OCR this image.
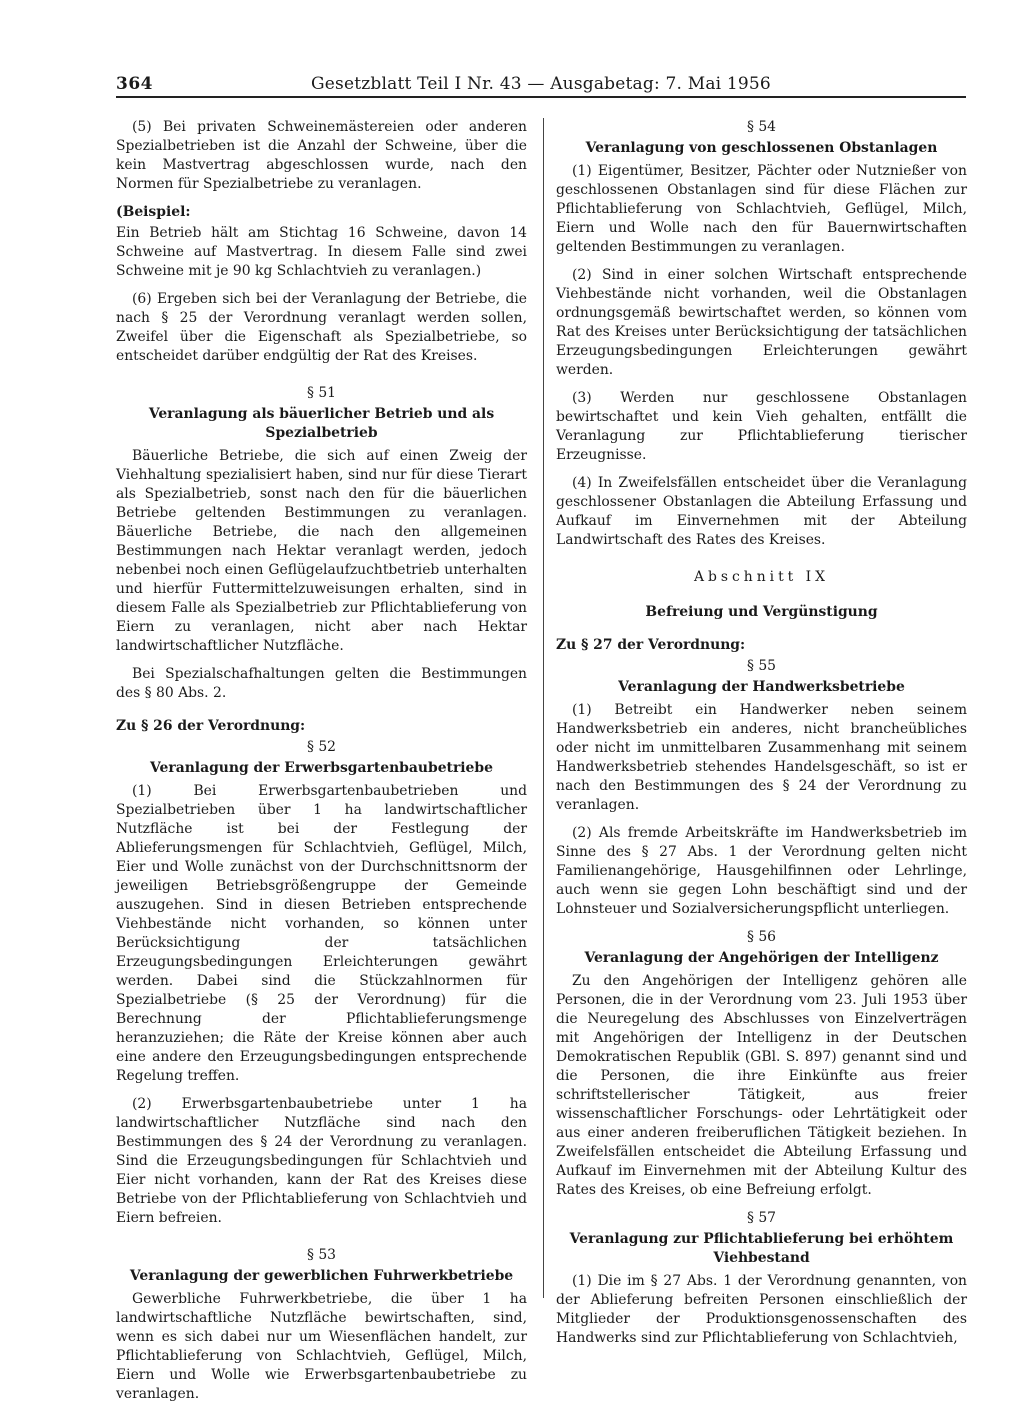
364	Gesetzblatt Teil I Nr. 43 — Ausgabetag: 7. Mai 1956

(5) Bei privaten Schweinemästereien oder anderen Spezialbetrieben ist die Anzahl der Schweine, über die kein Mastvertrag abgeschlossen wurde, nach den Normen für Spezialbetriebe zu veranlagen.

(Beispiel:

Ein Betrieb hält am Stichtag 16 Schweine, davon 14 Schweine auf Mastvertrag. In diesem Falle sind zwei Schweine mit je 90 kg Schlachtvieh zu veranlagen.)

(6) Ergeben sich bei der Veranlagung der Betriebe, die nach § 25 der Verordnung veranlagt werden sollen, Zweifel über die Eigenschaft als Spezialbetriebe, so entscheidet darüber endgültig der Rat des Kreises.

§ 51
Veranlagung als bäuerlicher Betrieb und als Spezialbetrieb

Bäuerliche Betriebe, die sich auf einen Zweig der Viehhaltung spezialisiert haben, sind nur für diese Tierart als Spezialbetrieb, sonst nach den für die bäuerlichen Betriebe geltenden Bestimmungen zu veranlagen. Bäuerliche Betriebe, die nach den allgemeinen Bestimmungen nach Hektar veranlagt werden, jedoch nebenbei noch einen Geflügelaufzuchtbetrieb unterhalten und hierfür Futtermittelzuweisungen erhalten, sind in diesem Falle als Spezialbetrieb zur Pflichtablieferung von Eiern zu veranlagen, nicht aber nach Hektar landwirtschaftlicher Nutzfläche.

Bei Spezialschafhaltungen gelten die Bestimmungen des § 80 Abs. 2.

Zu § 26 der Verordnung:
§ 52
Veranlagung der Erwerbsgartenbaubetriebe

(1) Bei Erwerbsgartenbaubetrieben und Spezialbetrieben über 1 ha landwirtschaftlicher Nutzfläche ist bei der Festlegung der Ablieferungsmengen für Schlachtvieh, Geflügel, Milch, Eier und Wolle zunächst von der Durchschnittsnorm der jeweiligen Betriebsgrößengruppe der Gemeinde auszugehen. Sind in diesen Betrieben entsprechende Viehbestände nicht vorhanden, so können unter Berücksichtigung der tatsächlichen Erzeugungsbedingungen Erleichterungen gewährt werden. Dabei sind die Stückzahlnormen für Spezialbetriebe (§ 25 der Verordnung) für die Berechnung der Pflichtablieferungsmenge heranzuziehen; die Räte der Kreise können aber auch eine andere den Erzeugungsbedingungen entsprechende Regelung treffen.

(2) Erwerbsgartenbaubetriebe unter 1 ha landwirtschaftlicher Nutzfläche sind nach den Bestimmungen des § 24 der Verordnung zu veranlagen. Sind die Erzeugungsbedingungen für Schlachtvieh und Eier nicht vorhanden, kann der Rat des Kreises diese Betriebe von der Pflichtablieferung von Schlachtvieh und Eiern befreien.

§ 53
Veranlagung der gewerblichen Fuhrwerkbetriebe

Gewerbliche Fuhrwerkbetriebe, die über 1 ha landwirtschaftliche Nutzfläche bewirtschaften, sind, wenn es sich dabei nur um Wiesenflächen handelt, zur Pflichtablieferung von Schlachtvieh, Geflügel, Milch, Eiern und Wolle wie Erwerbsgartenbaubetriebe zu veranlagen.

§ 54
Veranlagung von geschlossenen Obstanlagen

(1) Eigentümer, Besitzer, Pächter oder Nutznießer von geschlossenen Obstanlagen sind für diese Flächen zur Pflichtablieferung von Schlachtvieh, Geflügel, Milch, Eiern und Wolle nach den für Bauernwirtschaften geltenden Bestimmungen zu veranlagen.

(2) Sind in einer solchen Wirtschaft entsprechende Viehbestände nicht vorhanden, weil die Obstanlagen ordnungsgemäß bewirtschaftet werden, so können vom Rat des Kreises unter Berücksichtigung der tatsächlichen Erzeugungsbedingungen Erleichterungen gewährt werden.

(3) Werden nur geschlossene Obstanlagen bewirtschaftet und kein Vieh gehalten, entfällt die Veranlagung zur Pflichtablieferung tierischer Erzeugnisse.

(4) In Zweifelsfällen entscheidet über die Veranlagung geschlossener Obstanlagen die Abteilung Erfassung und Aufkauf im Einvernehmen mit der Abteilung Landwirtschaft des Rates des Kreises.

Abschnitt IX
Befreiung und Vergünstigung
Zu § 27 der Verordnung:
§ 55
Veranlagung der Handwerksbetriebe

(1) Betreibt ein Handwerker neben seinem Handwerksbetrieb ein anderes, nicht brancheübliches oder nicht im unmittelbaren Zusammenhang mit seinem Handwerksbetrieb stehendes Handelsgeschäft, so ist er nach den Bestimmungen des § 24 der Verordnung zu veranlagen.

(2) Als fremde Arbeitskräfte im Handwerksbetrieb im Sinne des § 27 Abs. 1 der Verordnung gelten nicht Familienangehörige, Hausgehilfinnen oder Lehrlinge, auch wenn sie gegen Lohn beschäftigt sind und der Lohnsteuer und Sozialversicherungspflicht unterliegen.

§ 56
Veranlagung der Angehörigen der Intelligenz

Zu den Angehörigen der Intelligenz gehören alle Personen, die in der Verordnung vom 23. Juli 1953 über die Neuregelung des Abschlusses von Einzelverträgen mit Angehörigen der Intelligenz in der Deutschen Demokratischen Republik (GBl. S. 897) genannt sind und die Personen, die ihre Einkünfte aus freier schriftstellerischer Tätigkeit, aus freier wissenschaftlicher Forschungs- oder Lehrtätigkeit oder aus einer anderen freiberuflichen Tätigkeit beziehen. In Zweifelsfällen entscheidet die Abteilung Erfassung und Aufkauf im Einvernehmen mit der Abteilung Kultur des Rates des Kreises, ob eine Befreiung erfolgt.

§ 57
Veranlagung zur Pflichtablieferung bei erhöhtem Viehbestand

(1) Die im § 27 Abs. 1 der Verordnung genannten, von der Ablieferung befreiten Personen einschließlich der Mitglieder der Produktionsgenossenschaften des Handwerks sind zur Pflichtablieferung von Schlachtvieh,
